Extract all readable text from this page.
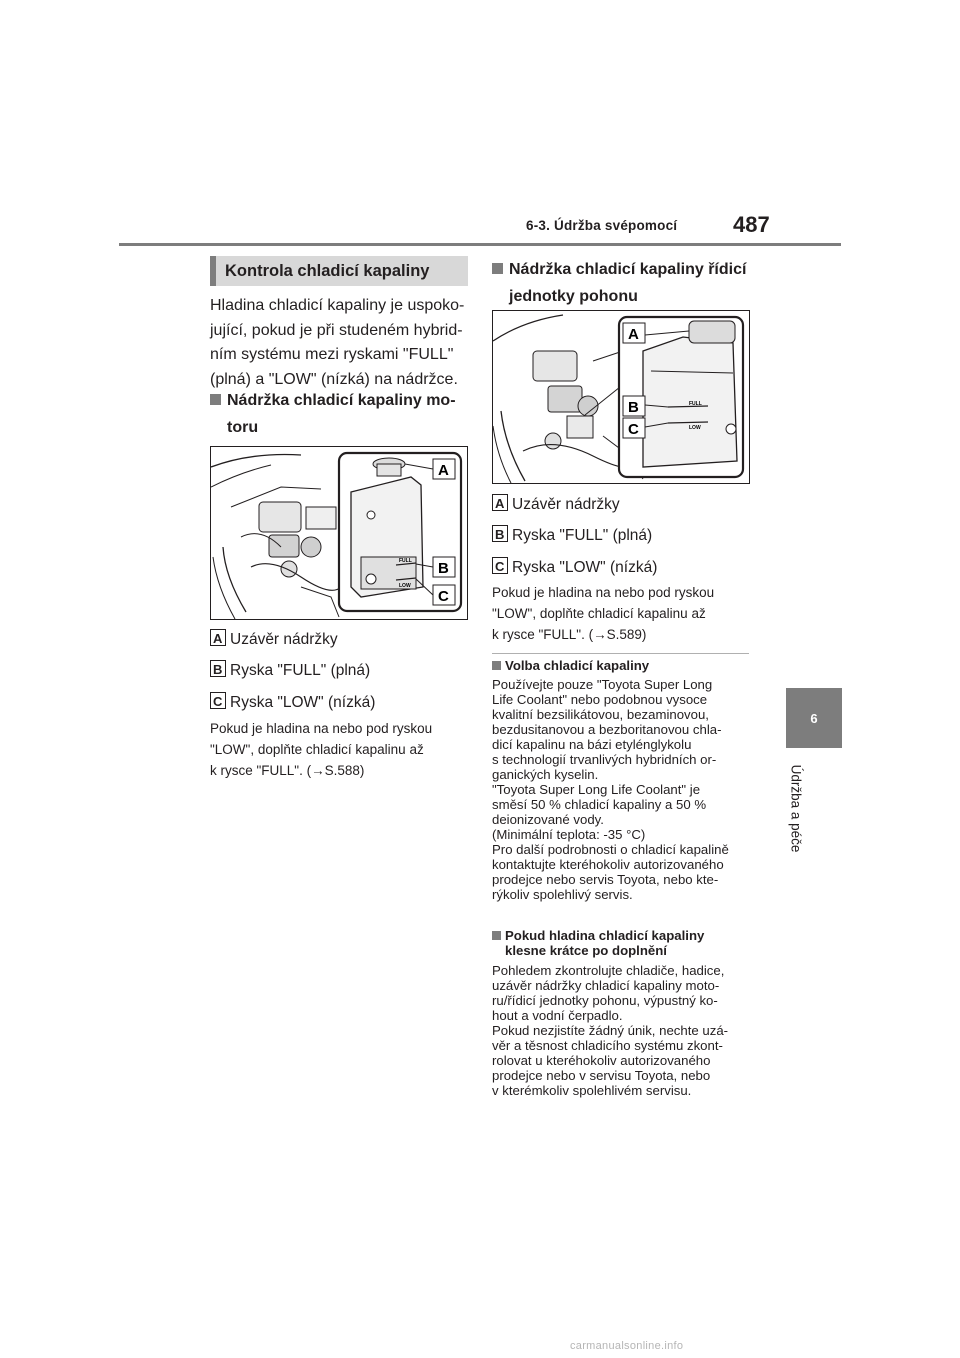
6-3. Údržba svépomocí	487
6
Údržba a péče
Kontrola chladicí kapaliny
Hladina chladicí kapaliny je uspoko-
jující, pokud je při studeném hybrid-
ním systému mezi ryskami "FULL"
(plná) a "LOW" (nízká) na nádržce.
Nádržka chladicí kapaliny mo-
toru
FULL
LOW
A
B
C
A Uzávěr nádržky
B Ryska "FULL" (plná)
C Ryska "LOW" (nízká)
Pokud je hladina na nebo pod ryskou
"LOW", doplňte chladicí kapalinu až
k rysce "FULL". (→S.588)
Nádržka chladicí kapaliny řídicí
jednotky pohonu
FULL
LOW
A
B
C
A Uzávěr nádržky
B Ryska "FULL" (plná)
C Ryska "LOW" (nízká)
Pokud je hladina na nebo pod ryskou
"LOW", doplňte chladicí kapalinu až
k rysce "FULL". (→S.589)
Volba chladicí kapaliny
Používejte pouze "Toyota Super Long
Life Coolant" nebo podobnou vysoce
kvalitní bezsilikátovou, bezaminovou,
bezdusitanovou a bezboritanovou chla-
dicí kapalinu na bázi etylénglykolu
s technologií trvanlivých hybridních or-
ganických kyselin.
"Toyota Super Long Life Coolant" je
směsí 50 % chladicí kapaliny a 50 %
deionizované vody.
(Minimální teplota: -35 °C)
Pro další podrobnosti o chladicí kapalině
kontaktujte kteréhokoliv autorizovaného
prodejce nebo servis Toyota, nebo kte-
rýkoliv spolehlivý servis.
Pokud hladina chladicí kapaliny
klesne krátce po doplnění
Pohledem zkontrolujte chladiče, hadice,
uzávěr nádržky chladicí kapaliny moto-
ru/řídicí jednotky pohonu, výpustný ko-
hout a vodní čerpadlo.
Pokud nezjistíte žádný únik, nechte uzá-
věr a těsnost chladicího systému zkont-
rolovat u kteréhokoliv autorizovaného
prodejce nebo v servisu Toyota, nebo
v kterémkoliv spolehlivém servisu.
carmanualsonline.info
